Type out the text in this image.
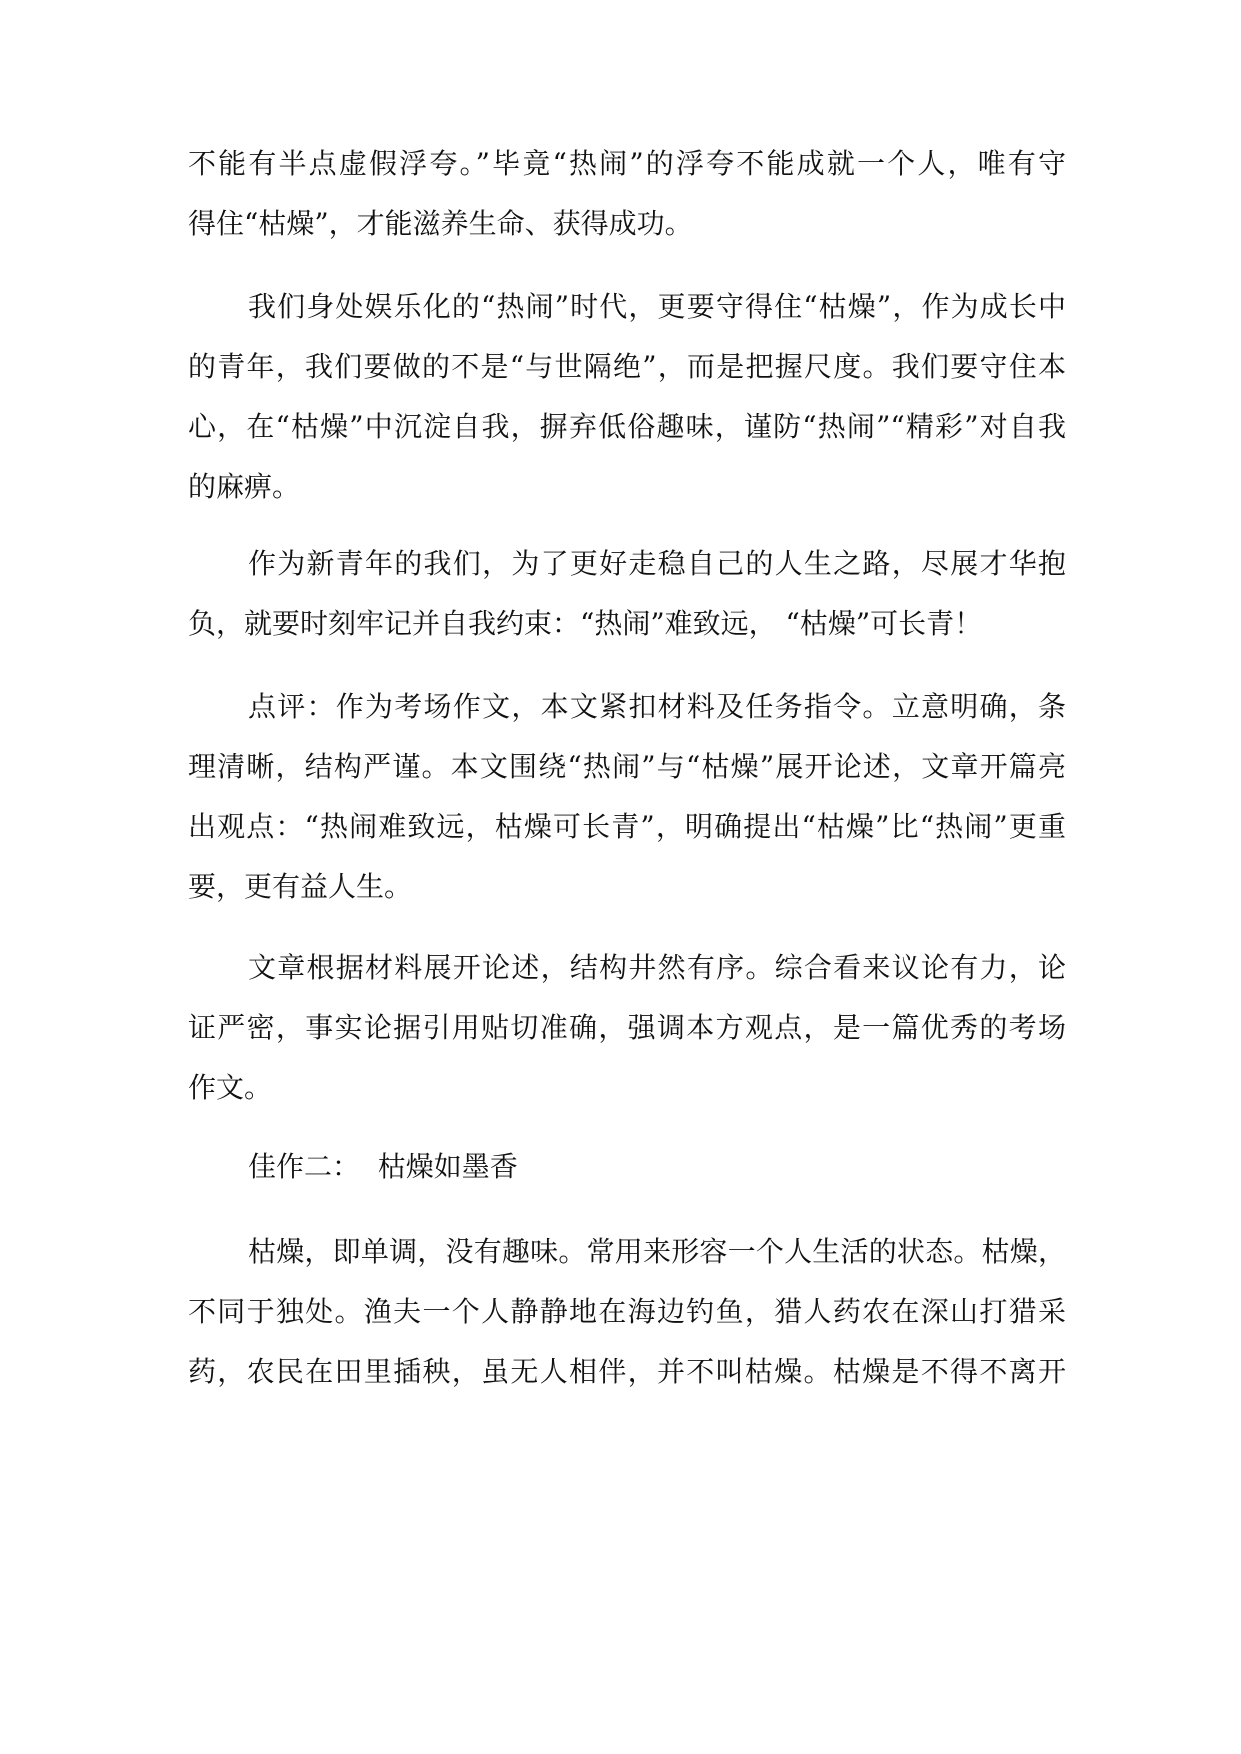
不能有半点虚假浮夸。”毕竟“热闹”的浮夸不能成就一个人，唯有守
得住“枯燥”，才能滋养生命、获得成功。
我们身处娱乐化的“热闹”时代，更要守得住“枯燥”，作为成长中
的青年，我们要做的不是“与世隔绝”，而是把握尺度。我们要守住本
心，在“枯燥”中沉淀自我，摒弃低俗趣味，谨防“热闹”“精彩”对自我
的麻痹。
作为新青年的我们，为了更好走稳自己的人生之路，尽展才华抱
负，就要时刻牢记并自我约束：“热闹”难致远， “枯燥”可长青！
点评：作为考场作文，本文紧扣材料及任务指令。立意明确，条
理清晰，结构严谨。本文围绕“热闹”与“枯燥”展开论述，文章开篇亮
出观点：“热闹难致远，枯燥可长青”，明确提出“枯燥”比“热闹”更重
要，更有益人生。
文章根据材料展开论述，结构井然有序。综合看来议论有力，论
证严密，事实论据引用贴切准确，强调本方观点，是一篇优秀的考场
作文。
佳作二：  枯燥如墨香
枯燥，即单调，没有趣味。常用来形容一个人生活的状态。枯燥，
不同于独处。渔夫一个人静静地在海边钓鱼，猎人药农在深山打猎采
药，农民在田里插秧，虽无人相伴，并不叫枯燥。枯燥是不得不离开
